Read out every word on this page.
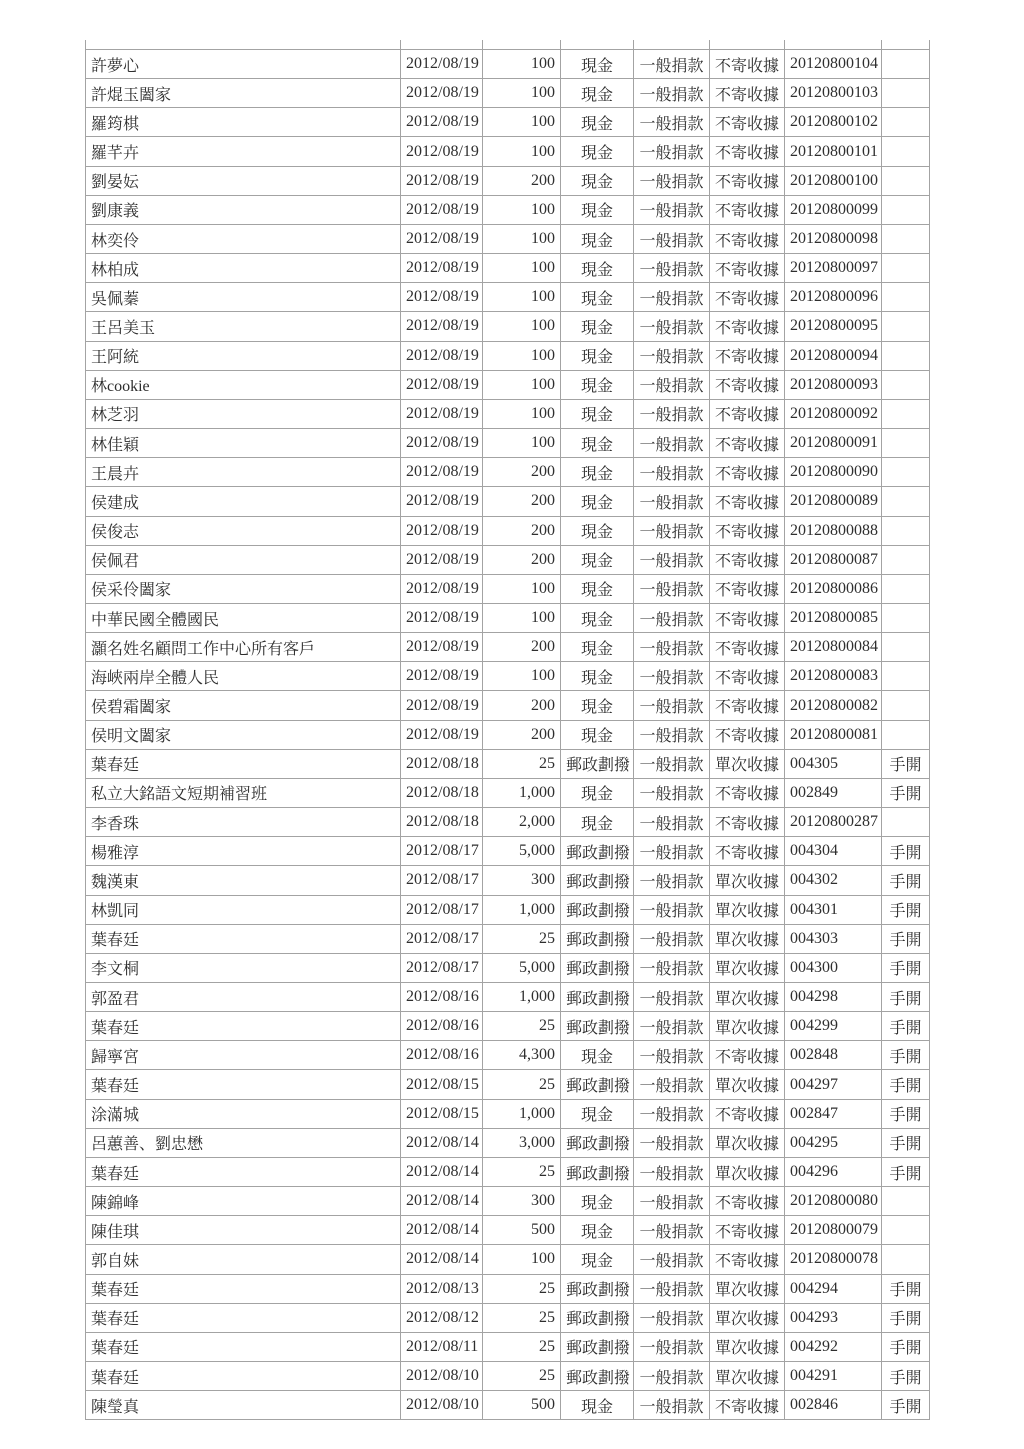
許夢心	2012/08/19	100	現金	一般捐款	不寄收據	20120800104	
許焜玉闔家	2012/08/19	100	現金	一般捐款	不寄收據	20120800103	
羅筠棋	2012/08/19	100	現金	一般捐款	不寄收據	20120800102	
羅芊卉	2012/08/19	100	現金	一般捐款	不寄收據	20120800101	
劉晏妘	2012/08/19	200	現金	一般捐款	不寄收據	20120800100	
劉康義	2012/08/19	100	現金	一般捐款	不寄收據	20120800099	
林奕伶	2012/08/19	100	現金	一般捐款	不寄收據	20120800098	
林柏成	2012/08/19	100	現金	一般捐款	不寄收據	20120800097	
吳佩蓁	2012/08/19	100	現金	一般捐款	不寄收據	20120800096	
王呂美玉	2012/08/19	100	現金	一般捐款	不寄收據	20120800095	
王阿統	2012/08/19	100	現金	一般捐款	不寄收據	20120800094	
林cookie	2012/08/19	100	現金	一般捐款	不寄收據	20120800093	
林芝羽	2012/08/19	100	現金	一般捐款	不寄收據	20120800092	
林佳穎	2012/08/19	100	現金	一般捐款	不寄收據	20120800091	
王晨卉	2012/08/19	200	現金	一般捐款	不寄收據	20120800090	
侯建成	2012/08/19	200	現金	一般捐款	不寄收據	20120800089	
侯俊志	2012/08/19	200	現金	一般捐款	不寄收據	20120800088	
侯佩君	2012/08/19	200	現金	一般捐款	不寄收據	20120800087	
侯采伶闔家	2012/08/19	100	現金	一般捐款	不寄收據	20120800086	
中華民國全體國民	2012/08/19	100	現金	一般捐款	不寄收據	20120800085	
灝名姓名顧問工作中心所有客戶	2012/08/19	200	現金	一般捐款	不寄收據	20120800084	
海峽兩岸全體人民	2012/08/19	100	現金	一般捐款	不寄收據	20120800083	
侯碧霜闔家	2012/08/19	200	現金	一般捐款	不寄收據	20120800082	
侯明文闔家	2012/08/19	200	現金	一般捐款	不寄收據	20120800081	
葉春廷	2012/08/18	25	郵政劃撥	一般捐款	單次收據	004305	手開
私立大銘語文短期補習班	2012/08/18	1,000	現金	一般捐款	不寄收據	002849	手開
李香珠	2012/08/18	2,000	現金	一般捐款	不寄收據	20120800287	
楊雅淳	2012/08/17	5,000	郵政劃撥	一般捐款	不寄收據	004304	手開
魏漢東	2012/08/17	300	郵政劃撥	一般捐款	單次收據	004302	手開
林凱同	2012/08/17	1,000	郵政劃撥	一般捐款	單次收據	004301	手開
葉春廷	2012/08/17	25	郵政劃撥	一般捐款	單次收據	004303	手開
李文桐	2012/08/17	5,000	郵政劃撥	一般捐款	單次收據	004300	手開
郭盈君	2012/08/16	1,000	郵政劃撥	一般捐款	單次收據	004298	手開
葉春廷	2012/08/16	25	郵政劃撥	一般捐款	單次收據	004299	手開
歸寧宮	2012/08/16	4,300	現金	一般捐款	不寄收據	002848	手開
葉春廷	2012/08/15	25	郵政劃撥	一般捐款	單次收據	004297	手開
涂滿城	2012/08/15	1,000	現金	一般捐款	不寄收據	002847	手開
呂蕙善、劉忠懋	2012/08/14	3,000	郵政劃撥	一般捐款	單次收據	004295	手開
葉春廷	2012/08/14	25	郵政劃撥	一般捐款	單次收據	004296	手開
陳錦峰	2012/08/14	300	現金	一般捐款	不寄收據	20120800080	
陳佳琪	2012/08/14	500	現金	一般捐款	不寄收據	20120800079	
郭自妹	2012/08/14	100	現金	一般捐款	不寄收據	20120800078	
葉春廷	2012/08/13	25	郵政劃撥	一般捐款	單次收據	004294	手開
葉春廷	2012/08/12	25	郵政劃撥	一般捐款	單次收據	004293	手開
葉春廷	2012/08/11	25	郵政劃撥	一般捐款	單次收據	004292	手開
葉春廷	2012/08/10	25	郵政劃撥	一般捐款	單次收據	004291	手開
陳瑩真	2012/08/10	500	現金	一般捐款	不寄收據	002846	手開
